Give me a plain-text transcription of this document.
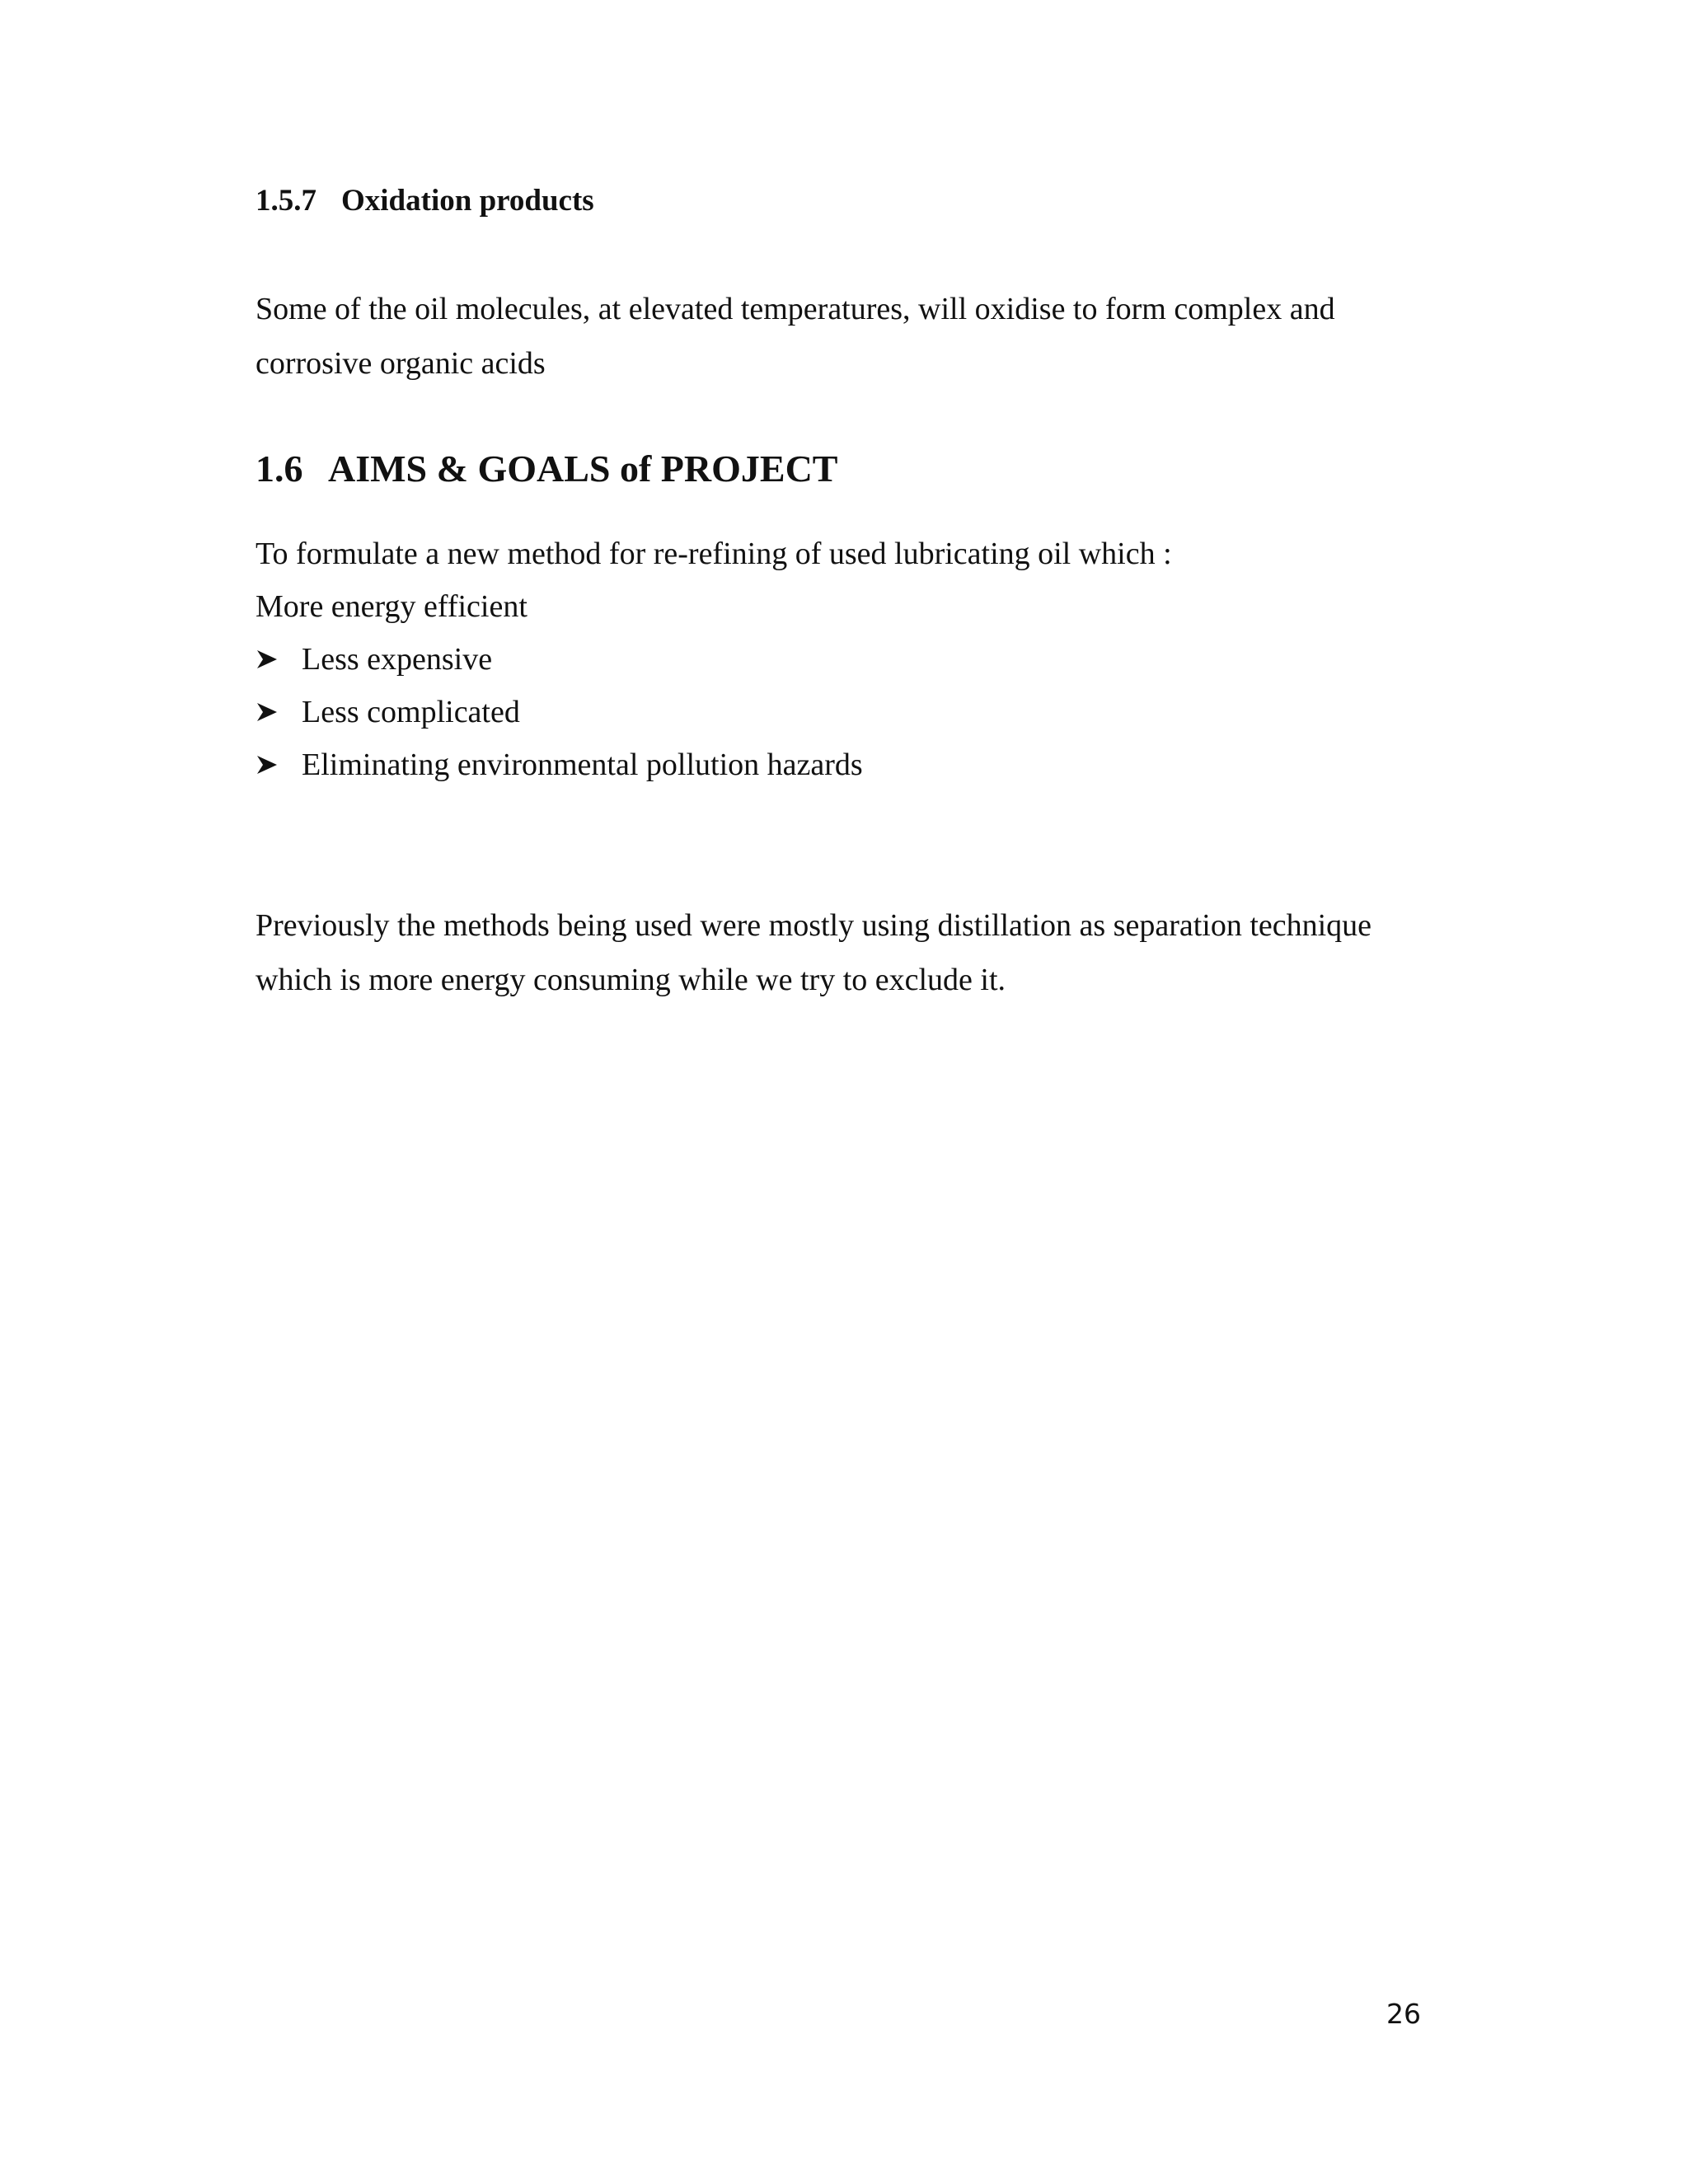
1.5.7 Oxidation products

Some of the oil molecules, at elevated temperatures, will oxidise to form complex and
corrosive organic acids

1.6 AIMS & GOALS of PROJECT

To formulate a new method for re-refining of used lubricating oil which :
More energy efficient

Less expensive
Less complicated
Eliminating environmental pollution hazards

Previously the methods being used were mostly using distillation as separation technique
which is more energy consuming while we try to exclude it.

26
